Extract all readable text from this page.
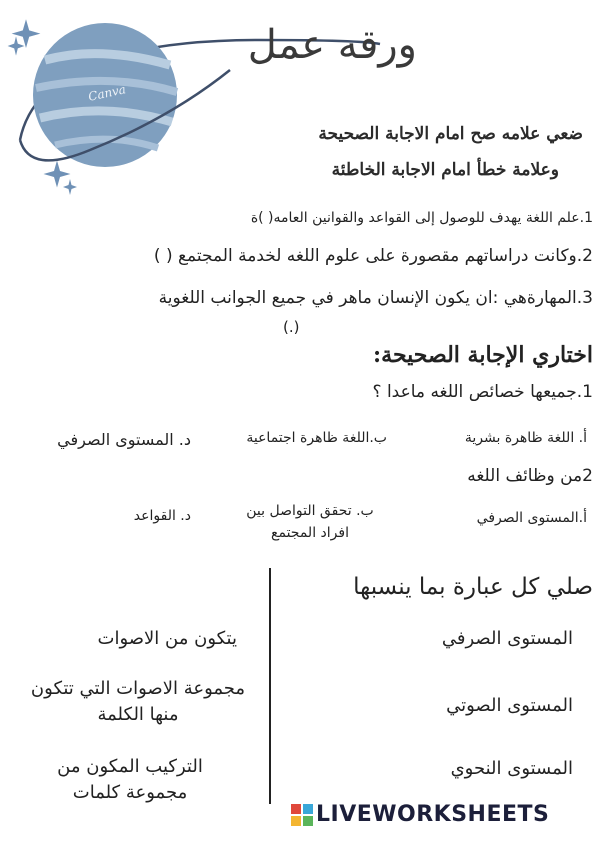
Canva
ورقه عمل
ضعي علامه صح امام الاجابة الصحيحة
وعلامة خطأ امام الاجابة الخاطئة
1.علم اللغة يهدف للوصول إلى القواعد والقوانين العامه( )ة
2.وكانت دراساتهم مقصورة على علوم اللغه لخدمة المجتمع ( )
3.المهارةهي :ان يكون الإنسان ماهر في جميع الجوانب اللغوية
(.)
اختاري الإجابة الصحيحة:
1.جميعها خصائص اللغه ماعدا ؟
أ. اللغة ظاهرة بشرية
ب.اللغة ظاهرة اجتماعية
د. المستوى الصرفي
2من وظائف اللغه
أ.المستوى الصرفي
ب. تحقق التواصل بين افراد المجتمع
د. القواعد
صلي كل عبارة بما ينسبها
المستوى الصرفي
المستوى الصوتي
المستوى النحوي
يتكون من الاصوات
مجموعة الاصوات التي تتكون منها الكلمة
التركيب المكون من مجموعة كلمات
LIVEWORKSHEETS
